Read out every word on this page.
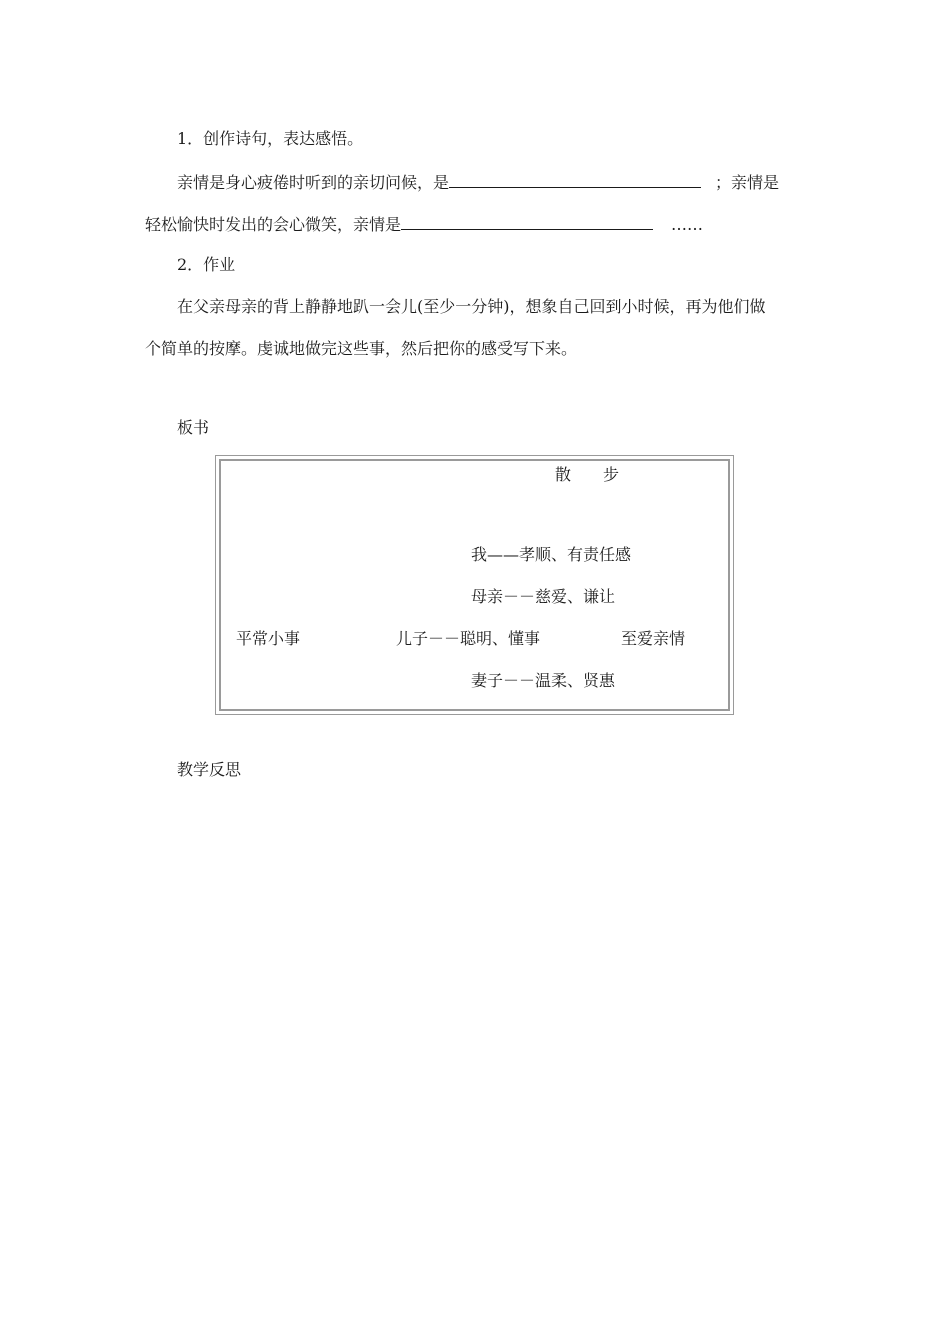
1．创作诗句，表达感悟。
亲情是身心疲倦时听到的亲切问候，是	；亲情是
轻松愉快时发出的会心微笑，亲情是	……
2．作业
在父亲母亲的背上静静地趴一会儿(至少一分钟)，想象自己回到小时候，再为他们做
个简单的按摩。虔诚地做完这些事，然后把你的感受写下来。
板书
散　　步
我——孝顺、有责任感
母亲－－慈爱、谦让
平常小事	儿子－－聪明、懂事	至爱亲情
妻子－－温柔、贤惠
教学反思
